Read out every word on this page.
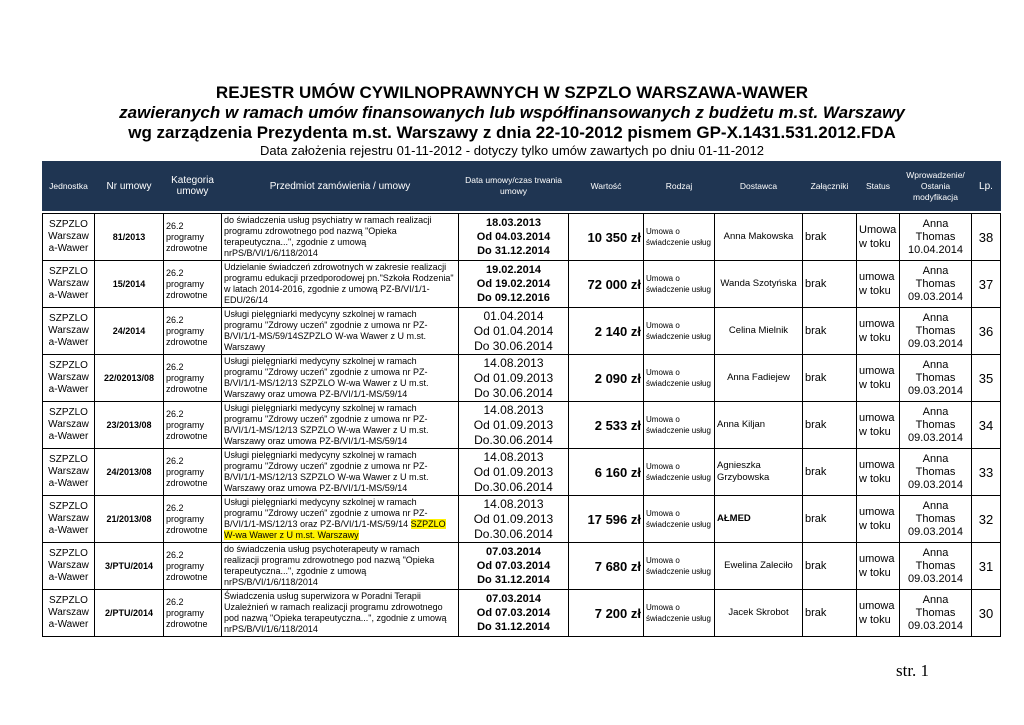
REJESTR UMÓW CYWILNOPRAWNYCH W SZPZLO WARSZAWA-WAWER
zawieranych w ramach umów finansowanych lub współfinansowanych z budżetu m.st. Warszawy
wg zarządzenia Prezydenta m.st. Warszawy z dnia 22-10-2012 pismem GP-X.1431.531.2012.FDA
Data założenia rejestru 01-11-2012 - dotyczy tylko umów zawartych po dniu 01-11-2012
Jednostka	Nr umowy	Kategoria umowy	Przedmiot zamówienia / umowy	Data umowy/czas trwania umowy	Wartość	Rodzaj	Dostawca	Załączniki	Status	Wprowadzenie/ Ostania modyfikacja	Lp.

SZPZLO Warszaw a-Wawer	81/2013	26.2 programy zdrowotne	do świadczenia usług psychiatry w ramach realizacji programu zdrowotnego pod nazwą "Opieka terapeutyczna...", zgodnie z umową nrPS/B/VI/1/6/118/2014	18.03.2013
Od 04.03.2014
Do 31.12.2014	10 350 zł	Umowa o świadczenie usług	Anna Makowska	brak	Umowa w toku	Anna Thomas 10.04.2014	38
SZPZLO Warszaw a-Wawer	15/2014	26.2 programy zdrowotne	Udzielanie świadczeń zdrowotnych w zakresie realizacji programu edukacji przedporodowej pn."Szkoła Rodzenia" w latach 2014-2016, zgodnie z umową PZ-B/VI/1/1-EDU/26/14	19.02.2014
Od 19.02.2014
Do 09.12.2016	72 000 zł	Umowa o świadczenie usług	Wanda Szotyńska	brak	umowa w toku	Anna Thomas 09.03.2014	37
SZPZLO Warszaw a-Wawer	24/2014	26.2 programy zdrowotne	Usługi pielęgniarki medycyny szkolnej w ramach programu "Zdrowy uczeń" zgodnie z umowa nr PZ-B/VI/1/1-MS/59/14SZPZLO W-wa Wawer z U m.st. Warszawy	01.04.2014
Od 01.04.2014
Do 30.06.2014	2 140 zł	Umowa o świadczenie usług	Celina Mielnik	brak	umowa w toku	Anna Thomas 09.03.2014	36
SZPZLO Warszaw a-Wawer	22/02013/08	26.2 programy zdrowotne	Usługi pielęgniarki medycyny szkolnej w ramach programu "Zdrowy uczeń" zgodnie z umowa nr PZ-B/VI/1/1-MS/12/13 SZPZLO W-wa Wawer z U m.st. Warszawy oraz umowa PZ-B/VI/1/1-MS/59/14	14.08.2013
Od 01.09.2013
Do 30.06.2014	2 090 zł	Umowa o świadczenie usług	Anna Fadiejew	brak	umowa w toku	Anna Thomas 09.03.2014	35
SZPZLO Warszaw a-Wawer	23/2013/08	26.2 programy zdrowotne	Usługi pielęgniarki medycyny szkolnej w ramach programu "Zdrowy uczeń" zgodnie z umowa nr PZ-B/VI/1/1-MS/12/13 SZPZLO W-wa Wawer z U m.st. Warszawy oraz umowa PZ-B/VI/1/1-MS/59/14	14.08.2013
Od 01.09.2013
Do.30.06.2014	2 533 zł	Umowa o świadczenie usług	Anna Kiljan	brak	umowa w toku	Anna Thomas 09.03.2014	34
SZPZLO Warszaw a-Wawer	24/2013/08	26.2 programy zdrowotne	Usługi pielęgniarki medycyny szkolnej w ramach programu "Zdrowy uczeń" zgodnie z umowa nr PZ-B/VI/1/1-MS/12/13 SZPZLO W-wa Wawer z U m.st. Warszawy oraz umowa PZ-B/VI/1/1-MS/59/14	14.08.2013
Od 01.09.2013
Do.30.06.2014	6 160 zł	Umowa o świadczenie usług	Agnieszka Grzybowska	brak	umowa w toku	Anna Thomas 09.03.2014	33
SZPZLO Warszaw a-Wawer	21/2013/08	26.2 programy zdrowotne	Usługi pielęgniarki medycyny szkolnej w ramach programu "Zdrowy uczeń" zgodnie z umowa nr PZ-B/VI/1/1-MS/12/13 oraz PZ-B/VI/1/1-MS/59/14 SZPZLO W-wa Wawer z U m.st. Warszawy	14.08.2013
Od 01.09.2013
Do.30.06.2014	17 596 zł	Umowa o świadczenie usług	AŁMED	brak	umowa w toku	Anna Thomas 09.03.2014	32
SZPZLO Warszaw a-Wawer	3/PTU/2014	26.2 programy zdrowotne	do świadczenia usług psychoterapeuty w ramach realizacji programu zdrowotnego pod nazwą "Opieka terapeutyczna...", zgodnie z umową nrPS/B/VI/1/6/118/2014	07.03.2014
Od 07.03.2014
Do 31.12.2014	7 680 zł	Umowa o świadczenie usług	Ewelina Zaleciło	brak	umowa w toku	Anna Thomas 09.03.2014	31
SZPZLO Warszaw a-Wawer	2/PTU/2014	26.2 programy zdrowotne	Świadczenia usług superwizora w Poradni Terapii Uzależnień w ramach realizacji programu zdrowotnego pod nazwą "Opieka terapeutyczna...", zgodnie z umową nrPS/B/VI/1/6/118/2014	07.03.2014
Od 07.03.2014
Do 31.12.2014	7 200 zł	Umowa o świadczenie usług	Jacek Skrobot	brak	umowa w toku	Anna Thomas 09.03.2014	30
str. 1
